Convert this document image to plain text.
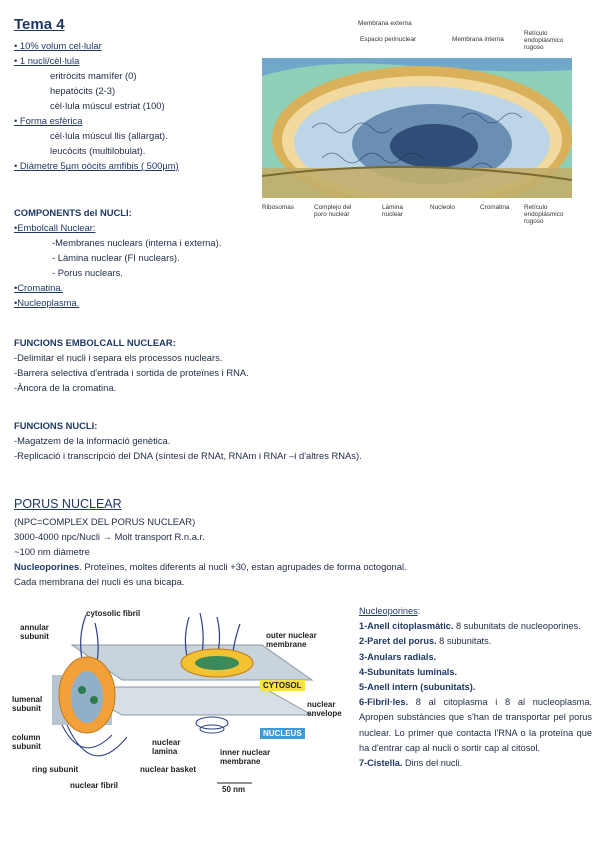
Tema 4
• 10% volum cel·lular
• 1 nucli/cèl·lula
eritròcits mamífer (0)
hepatòcits (2-3)
cèl·lula múscul estriat (100)
• Forma esfèrica
cèl·lula múscul llis (allargat).
leucòcits (multilobulat).
• Diàmetre 5µm oòcits amfibis ( 500µm)
Membrana externa
Espacio perinuclear	Membrana interna
Retículo endoplásmico rugoso
Ribosomas	Complejo del poro nuclear
Lámina nuclear
Nucleolo	Cromatina Retículo endoplásmico rugoso
COMPONENTS del NUCLI:
•Embolcall Nuclear:
-Membranes nuclears (interna i externa).
- Làmina nuclear (FI nuclears).
- Porus nuclears.
•Cromatina.
•Nucleoplasma.
FUNCIONS EMBOLCALL NUCLEAR:
-Delimitar el nucli i separa els processos nuclears.
-Barrera selectiva d'entrada i sortida de proteïnes i RNA.
-Àncora de la cromatina.
FUNCIONS NUCLI:
-Magatzem de la informació genètica.
-Replicació i transcripció del DNA (síntesi de RNAt, RNAm i RNAr –i d'altres RNAs).
PORUS NUCLEAR
(NPC=COMPLEX DEL PORUS NUCLEAR)
3000-4000 npc/Nucli → Molt transport R.n.a.r.
~100 nm diàmetre
Nucleoporines. Proteïnes, moltes diferents al nucli +30, estan agrupades de forma octogonal.
Cada membrana del nucli és una bicapa.
cytosolic fibril
annular subunit	outer nuclear membrane
CYTOSOL
lumenal subunit	nuclear envelope
column subunit
NUCLEUS
nuclear lamina	inner nuclear membrane
ring subunit	nuclear basket
nuclear fibril	50 nm

Nucleoporines:

1-Anell citoplasmàtic. 8 subunitats de nucleoporines.

2-Paret del porus. 8 subunitats.

3-Anulars radials.

4-Subunitats luminals.

5-Anell intern (subunitats).

6-Fibril·les. 8 al citoplasma i 8 al nucleoplasma. Apropen substàncies que s'han de transportar pel porus nuclear. Lo primer que contacta l'RNA o la proteïna que ha d'entrar cap al nucli o sortir cap al citosol.

7-Cistella. Dins del nucli.
